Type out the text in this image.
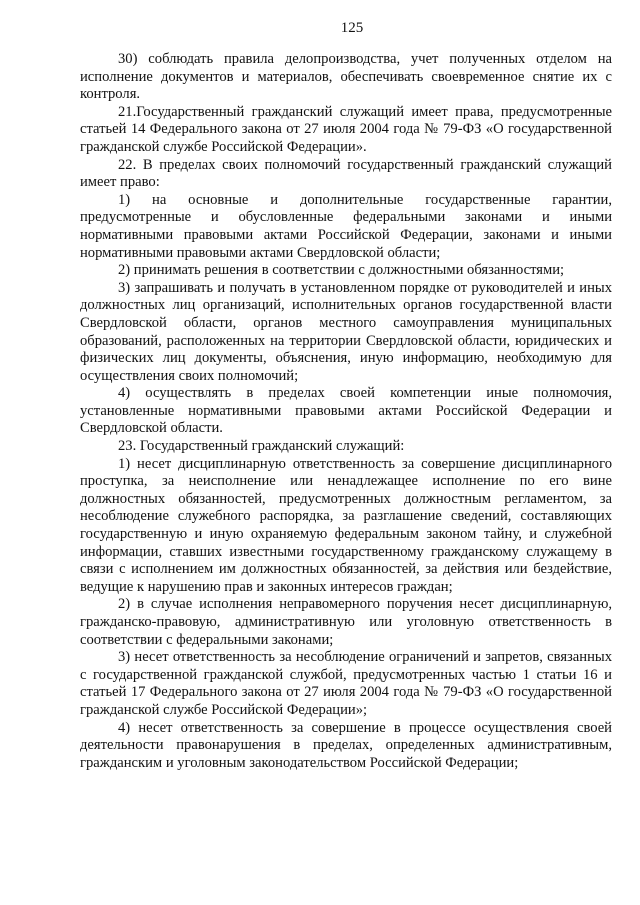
125

30) соблюдать правила делопроизводства, учет полученных отделом на исполнение документов и материалов, обеспечивать своевременное снятие их с контроля.

21.Государственный гражданский служащий имеет права, предусмотренные статьей 14 Федерального закона от 27 июля 2004 года № 79-ФЗ «О государственной гражданской службе Российской Федерации».

22. В пределах своих полномочий государственный гражданский служащий имеет право:

1) на основные и дополнительные государственные гарантии, предусмотренные и обусловленные федеральными законами и иными нормативными правовыми актами Российской Федерации, законами и иными нормативными правовыми актами Свердловской области;

2) принимать решения в соответствии с должностными обязанностями;

3) запрашивать и получать в установленном порядке от руководителей и иных должностных лиц организаций, исполнительных органов государственной власти Свердловской области, органов местного самоуправления муниципальных образований, расположенных на территории Свердловской области, юридических и физических лиц документы, объяснения, иную информацию, необходимую для осуществления своих полномочий;

4) осуществлять в пределах своей компетенции иные полномочия, установленные нормативными правовыми актами Российской Федерации и Свердловской области.

23. Государственный гражданский служащий:

1) несет дисциплинарную ответственность за совершение дисциплинарного проступка, за неисполнение или ненадлежащее исполнение по его вине должностных обязанностей, предусмотренных должностным регламентом, за несоблюдение служебного распорядка, за разглашение сведений, составляющих государственную и иную охраняемую федеральным законом тайну, и служебной информации, ставших известными государственному гражданскому служащему в связи с исполнением им должностных обязанностей, за действия или бездействие, ведущие к нарушению прав и законных интересов граждан;

2) в случае исполнения неправомерного поручения несет дисциплинарную, гражданско-правовую, административную или уголовную ответственность в соответствии с федеральными законами;

3) несет ответственность за несоблюдение ограничений и запретов, связанных с государственной гражданской службой, предусмотренных частью 1 статьи 16 и статьей 17 Федерального закона от 27 июля 2004 года № 79-ФЗ «О государственной гражданской службе Российской Федерации»;

4) несет ответственность за совершение в процессе осуществления своей деятельности правонарушения в пределах, определенных административным, гражданским и уголовным законодательством Российской Федерации;
